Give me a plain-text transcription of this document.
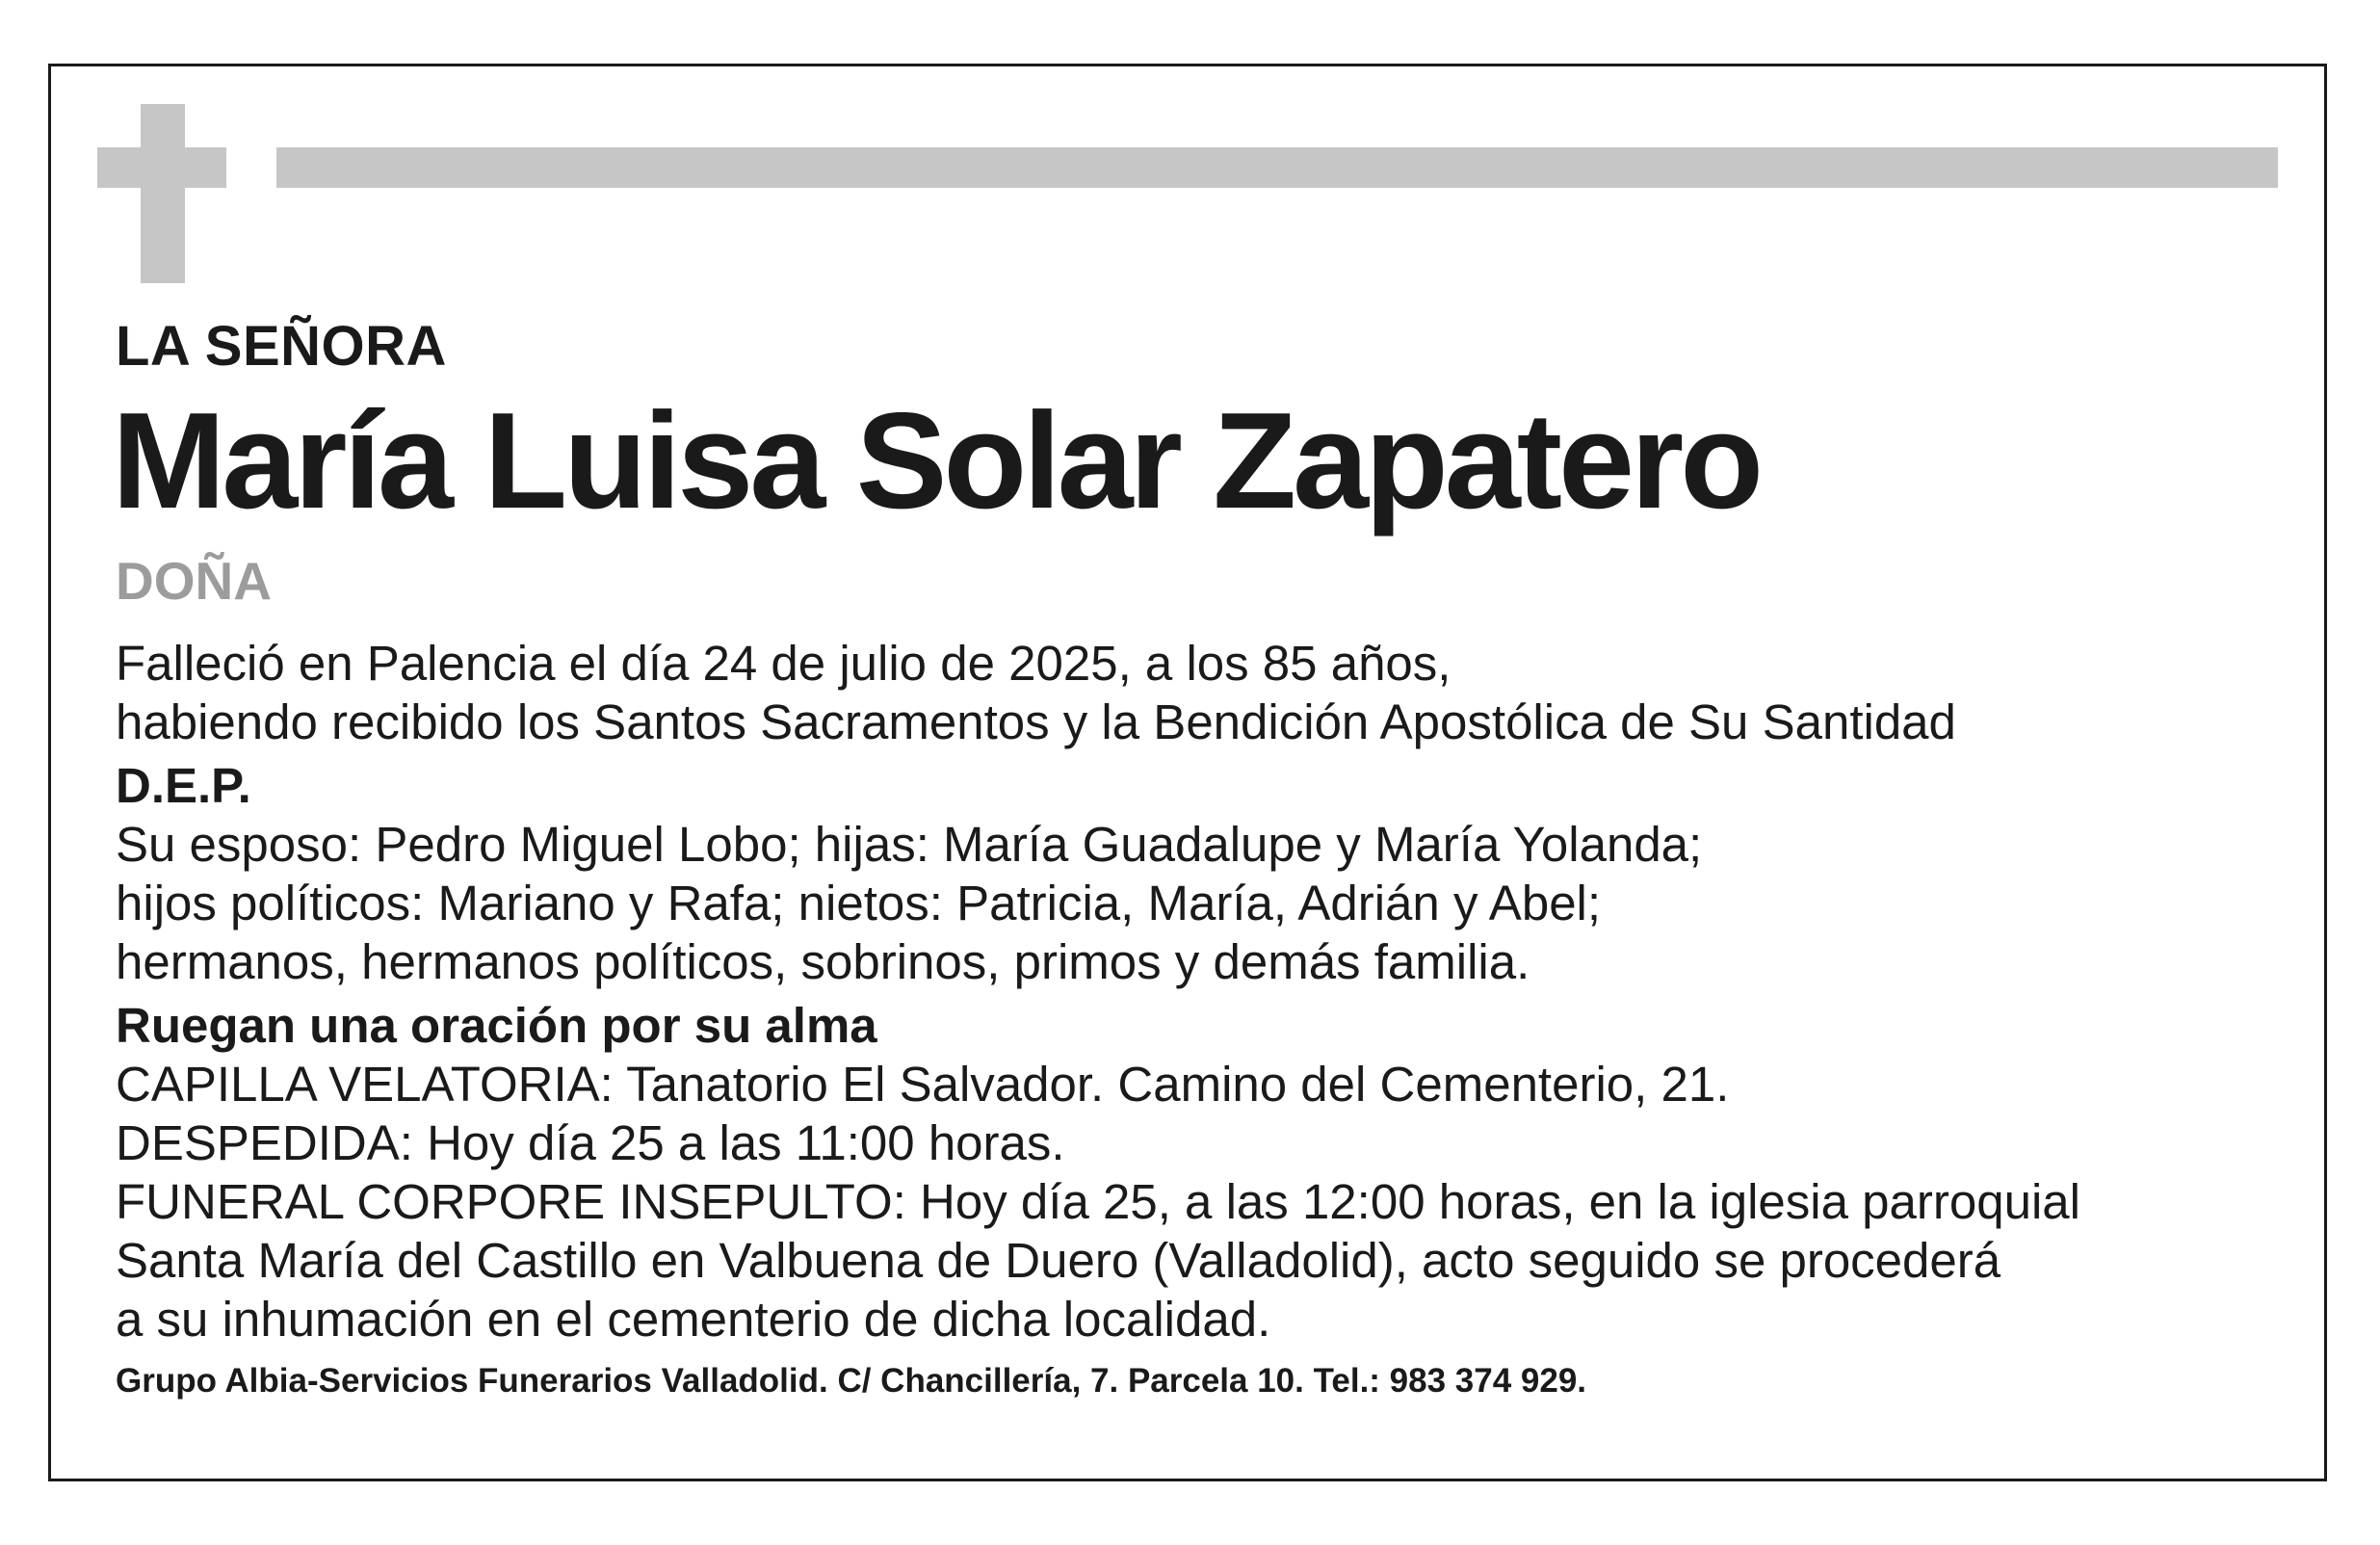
LA SEÑORA

María Luisa Solar Zapatero

DOÑA

Falleció en Palencia el día 24 de julio de 2025, a los 85 años,

habiendo recibido los Santos Sacramentos y la Bendición Apostólica de Su Santidad

D.E.P.

Su esposo: Pedro Miguel Lobo; hijas: María Guadalupe y María Yolanda;

hijos políticos: Mariano y Rafa; nietos: Patricia, María, Adrián y Abel;

hermanos, hermanos políticos, sobrinos, primos y demás familia.

Ruegan una oración por su alma

CAPILLA VELATORIA: Tanatorio El Salvador. Camino del Cementerio, 21.

DESPEDIDA: Hoy día 25 a las 11:00 horas.

FUNERAL CORPORE INSEPULTO: Hoy día 25, a las 12:00 horas, en la iglesia parroquial

Santa María del Castillo en Valbuena de Duero (Valladolid), acto seguido se procederá

a su inhumación en el cementerio de dicha localidad.

Grupo Albia-Servicios Funerarios Valladolid. C/ Chancillería, 7. Parcela 10. Tel.: 983 374 929.
